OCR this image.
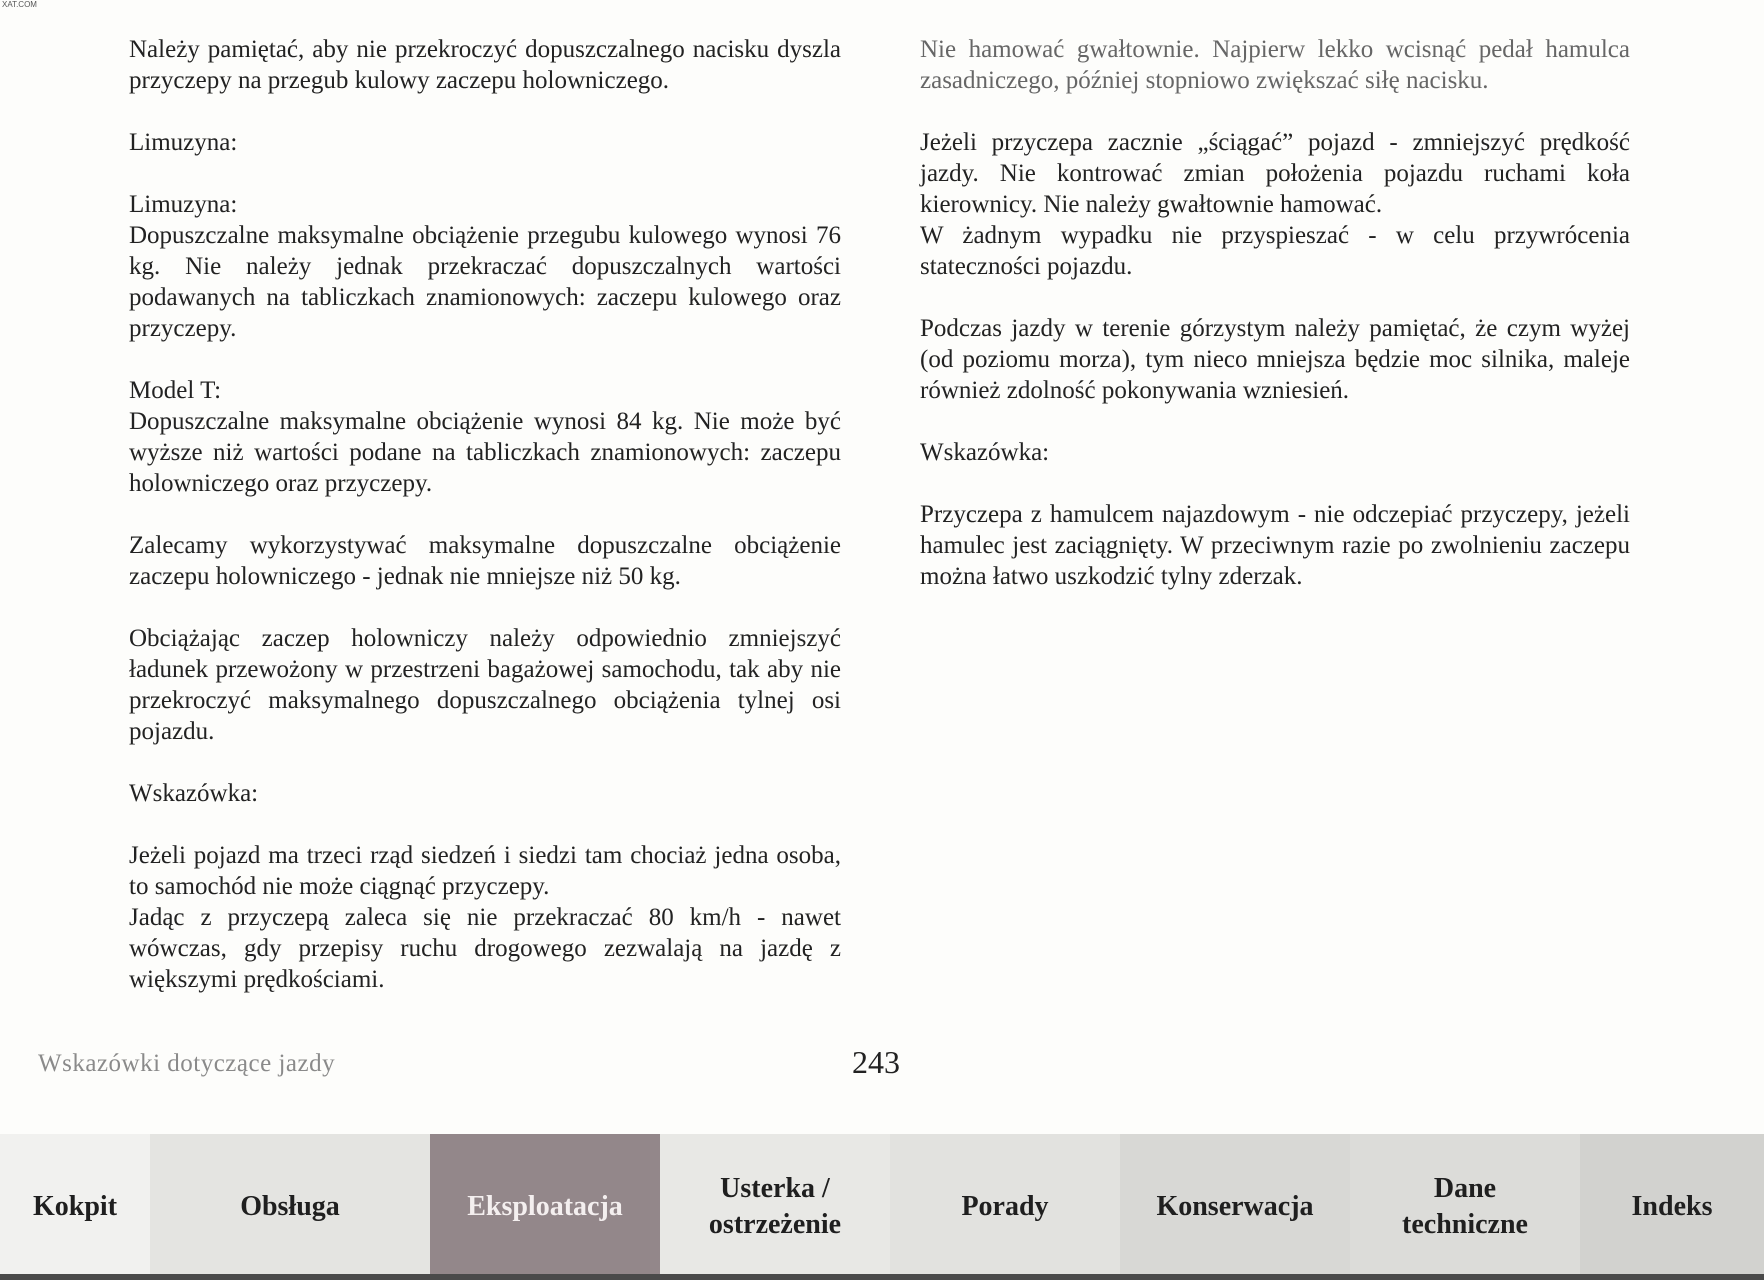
XAT.COM

Należy pamiętać, aby nie przekroczyć dopuszczalnego nacisku dyszla przyczepy na przegub kulowy zaczepu holowniczego.

Limuzyna:

Limuzyna:

Dopuszczalne maksymalne obciążenie przegubu kulowego wynosi 76 kg. Nie należy jednak przekraczać dopuszczalnych wartości podawanych na tabliczkach znamionowych: zaczepu kulowego oraz przyczepy.

Model T:

Dopuszczalne maksymalne obciążenie wynosi 84 kg. Nie może być wyższe niż wartości podane na tabliczkach znamionowych: zaczepu holowniczego oraz przyczepy.

Zalecamy wykorzystywać maksymalne dopuszczalne obciążenie zaczepu holowniczego - jednak nie mniejsze niż 50 kg.

Obciążając zaczep holowniczy należy odpowiednio zmniejszyć ładunek przewożony w przestrzeni bagażowej samochodu, tak aby nie przekroczyć maksymalnego dopuszczalnego obciążenia tylnej osi pojazdu.

Wskazówka:

Jeżeli pojazd ma trzeci rząd siedzeń i siedzi tam chociaż jedna osoba, to samochód nie może ciągnąć przyczepy.

Jadąc z przyczepą zaleca się nie przekraczać 80 km/h - nawet wówczas, gdy przepisy ruchu drogowego zezwalają na jazdę z większymi prędkościami.

Nie hamować gwałtownie. Najpierw lekko wcisnąć pedał hamulca zasadniczego, później stopniowo zwiększać siłę nacisku.

Jeżeli przyczepa zacznie „ściągać” pojazd - zmniejszyć prędkość jazdy. Nie kontrować zmian położenia pojazdu ruchami koła kierownicy. Nie należy gwałtownie hamować.

W żadnym wypadku nie przyspieszać - w celu przywrócenia stateczności pojazdu.

Podczas jazdy w terenie górzystym należy pamiętać, że czym wyżej (od poziomu morza), tym nieco mniejsza będzie moc silnika, maleje również zdolność pokonywania wzniesień.

Wskazówka:

Przyczepa z hamulcem najazdowym - nie odczepiać przyczepy, jeżeli hamulec jest zaciągnięty. W przeciwnym razie po zwolnieniu zaczepu można łatwo uszkodzić tylny zderzak.

Wskazówki dotyczące jazdy	243
Kokpit	Obsługa	Eksploatacja
Usterka /
ostrzeżenie
Porady	Konserwacja
Dane
techniczne
Indeks
